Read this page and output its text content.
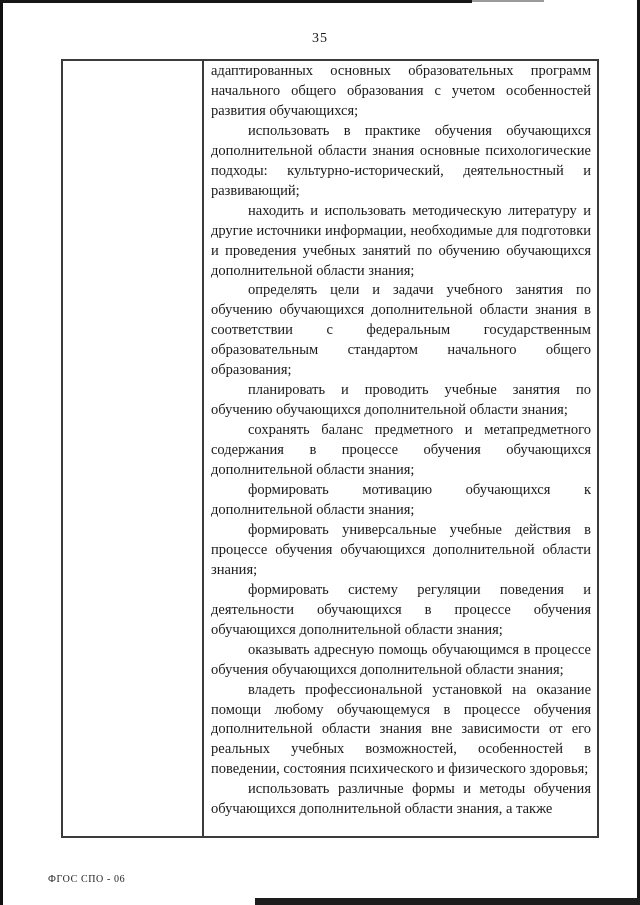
35

адаптированных основных образовательных программ начального общего образования с учетом особенностей развития обучающихся;

использовать в практике обучения обучающихся дополнительной области знания основные психологические подходы: культурно-исторический, деятельностный и развивающий;

находить и использовать методическую литературу и другие источники информации, необходимые для подготовки и проведения учебных занятий по обучению обучающихся дополнительной области знания;

определять цели и задачи учебного занятия по обучению обучающихся дополнительной области знания в соответствии с федеральным государственным образовательным стандартом начального общего образования;

планировать и проводить учебные занятия по обучению обучающихся дополнительной области знания;

сохранять баланс предметного и метапредметного содержания в процессе обучения обучающихся дополнительной области знания;

формировать мотивацию обучающихся к дополнительной области знания;

формировать универсальные учебные действия в процессе обучения обучающихся дополнительной области знания;

формировать систему регуляции поведения и деятельности обучающихся в процессе обучения обучающихся дополнительной области знания;

оказывать адресную помощь обучающимся в процессе обучения обучающихся дополнительной области знания;

владеть профессиональной установкой на оказание помощи любому обучающемуся в процессе обучения дополнительной области знания вне зависимости от его реальных учебных возможностей, особенностей в поведении, состояния психического и физического здоровья;

использовать различные формы и методы обучения обучающихся дополнительной области знания, а также

ФГОС СПО - 06
